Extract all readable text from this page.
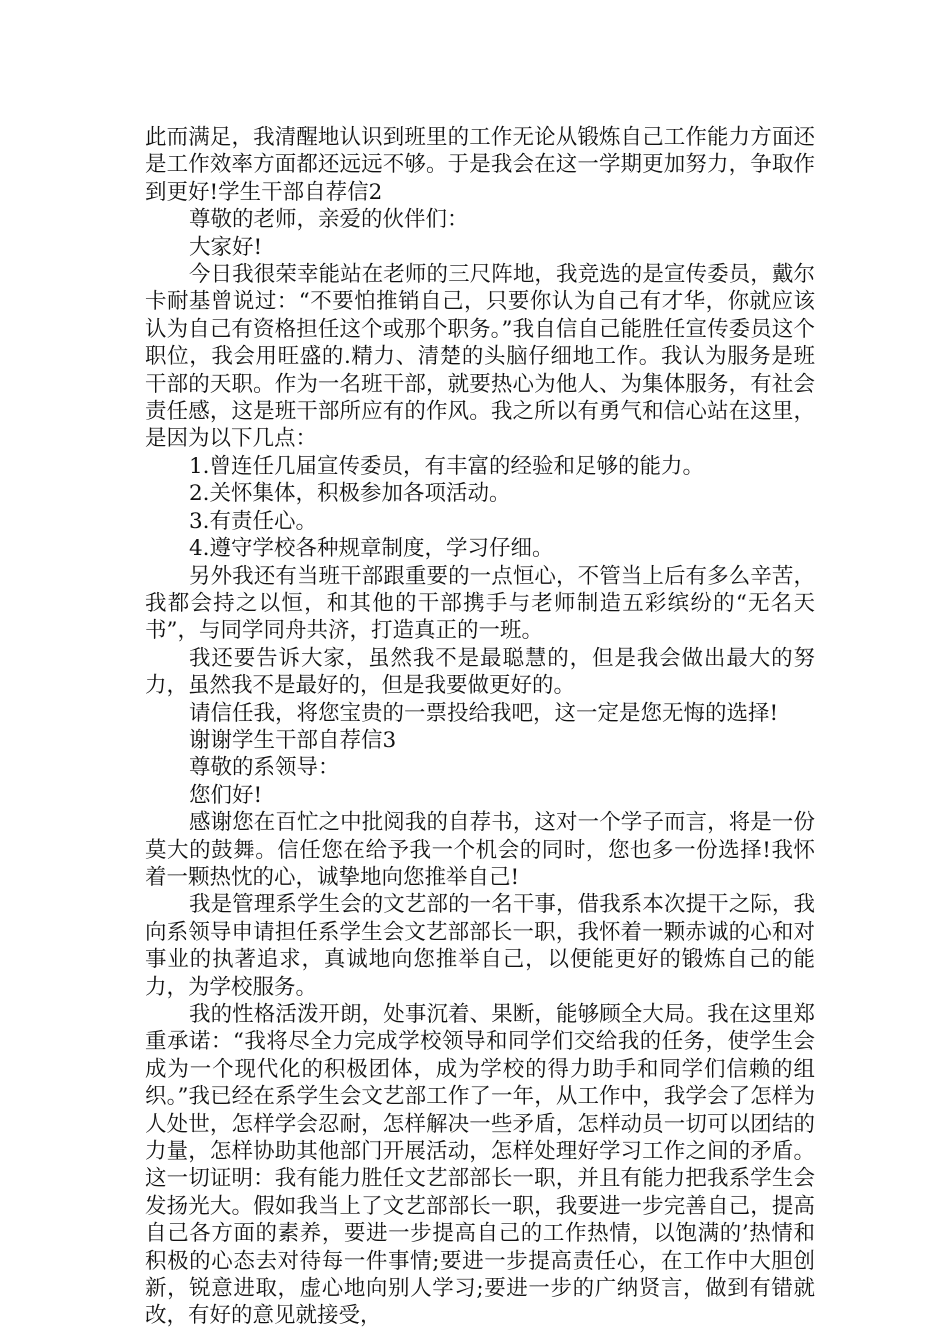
此而满足，我清醒地认识到班里的工作无论从锻炼自己工作能力方面还是工作效率方面都还远远不够。于是我会在这一学期更加努力，争取作到更好!学生干部自荐信2

尊敬的老师，亲爱的伙伴们：

大家好!

今日我很荣幸能站在老师的三尺阵地，我竞选的是宣传委员，戴尔卡耐基曾说过：“不要怕推销自己，只要你认为自己有才华，你就应该认为自己有资格担任这个或那个职务。”我自信自己能胜任宣传委员这个职位，我会用旺盛的.精力、清楚的头脑仔细地工作。我认为服务是班干部的天职。作为一名班干部，就要热心为他人、为集体服务，有社会责任感，这是班干部所应有的作风。我之所以有勇气和信心站在这里，是因为以下几点：

1.曾连任几届宣传委员，有丰富的经验和足够的能力。

2.关怀集体，积极参加各项活动。

3.有责任心。

4.遵守学校各种规章制度，学习仔细。

另外我还有当班干部跟重要的一点恒心，不管当上后有多么辛苦，我都会持之以恒，和其他的干部携手与老师制造五彩缤纷的“无名天书”，与同学同舟共济，打造真正的一班。

我还要告诉大家，虽然我不是最聪慧的，但是我会做出最大的努力，虽然我不是最好的，但是我要做更好的。

请信任我，将您宝贵的一票投给我吧，这一定是您无悔的选择!

谢谢学生干部自荐信3

尊敬的系领导：

您们好!

感谢您在百忙之中批阅我的自荐书，这对一个学子而言，将是一份莫大的鼓舞。信任您在给予我一个机会的同时，您也多一份选择!我怀着一颗热忱的心，诚挚地向您推举自己!

我是管理系学生会的文艺部的一名干事，借我系本次提干之际，我向系领导申请担任系学生会文艺部部长一职，我怀着一颗赤诚的心和对事业的执著追求，真诚地向您推举自己，以便能更好的锻炼自己的能力，为学校服务。

我的性格活泼开朗，处事沉着、果断，能够顾全大局。我在这里郑重承诺：“我将尽全力完成学校领导和同学们交给我的任务，使学生会成为一个现代化的积极团体，成为学校的得力助手和同学们信赖的组织。”我已经在系学生会文艺部工作了一年，从工作中，我学会了怎样为人处世，怎样学会忍耐，怎样解决一些矛盾，怎样动员一切可以团结的力量，怎样协助其他部门开展活动，怎样处理好学习工作之间的矛盾。这一切证明：我有能力胜任文艺部部长一职，并且有能力把我系学生会发扬光大。假如我当上了文艺部部长一职，我要进一步完善自己，提高自己各方面的素养，要进一步提高自己的工作热情，以饱满的’热情和积极的心态去对待每一件事情;要进一步提高责任心，在工作中大胆创新，锐意进取，虚心地向别人学习;要进一步的广纳贤言，做到有错就改，有好的意见就接受，
